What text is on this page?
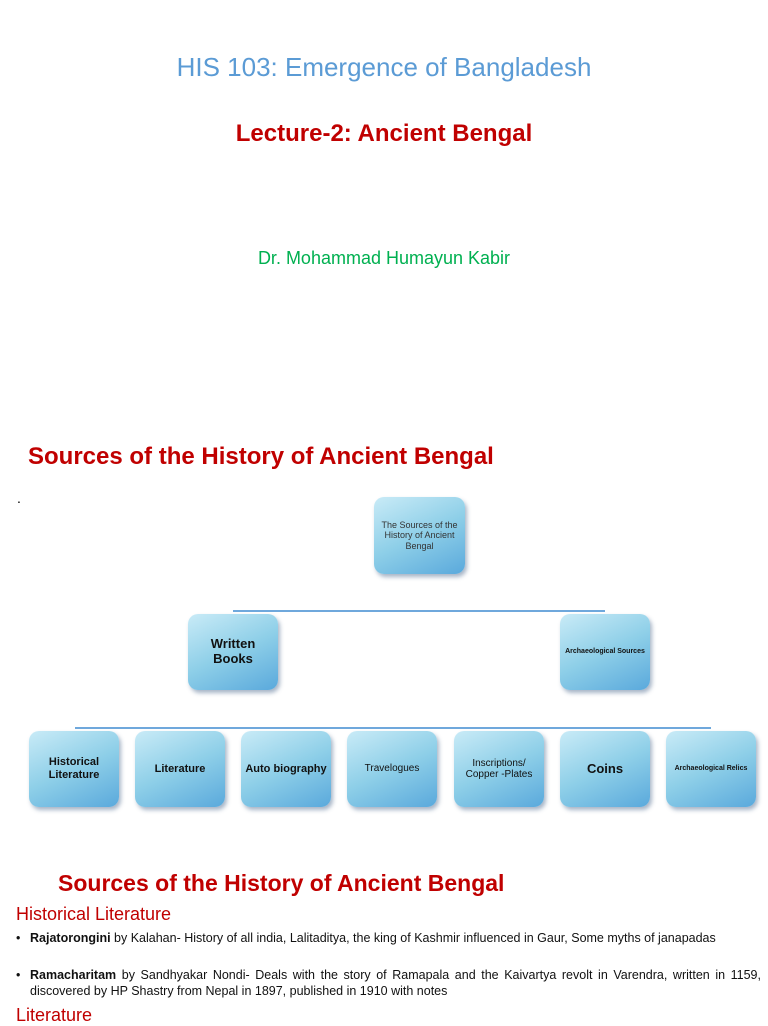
HIS 103: Emergence of Bangladesh
Lecture-2: Ancient Bengal
Dr. Mohammad Humayun Kabir
Sources of the History of Ancient Bengal
.
The Sources of the History of Ancient Bengal
Written Books	Archaeological Sources
Historical Literature
Literature	Auto biography	Travelogues
Inscriptions/ Copper -Plates	Coins	Archaeological Relics
Sources of the History of Ancient Bengal
Historical Literature
• Rajatorongini by Kalahan- History of all india, Lalitaditya, the king of Kashmir influenced in Gaur, Some myths of janapadas
• Ramacharitam by Sandhyakar Nondi- Deals with the story of Ramapala and the Kaivartya revolt in Varendra, written in 1159, discovered by HP Shastry from Nepal in 1897, published in 1910 with notes
Literature
